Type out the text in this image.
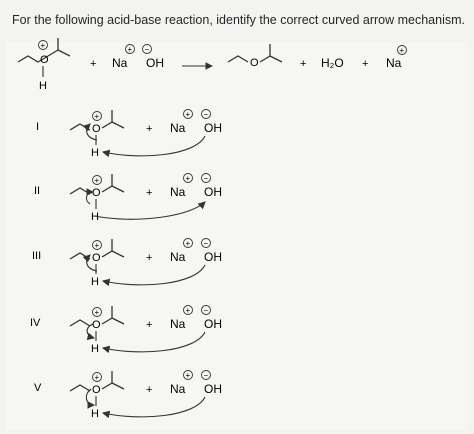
For the following acid-base reaction, identify the correct curved arrow mechanism.
O
+
H
+ Na
+
OH
−
O	+ H₂O + Na
+
I	O
+
H
+ Na
+
OH
−
II	O
+
H
+ Na
+
OH
−
III	O
+
H
+ Na
+
OH
−
IV	O
+
H
+ Na
+
OH
−
V	O
+
H
+ Na
+
OH
−
